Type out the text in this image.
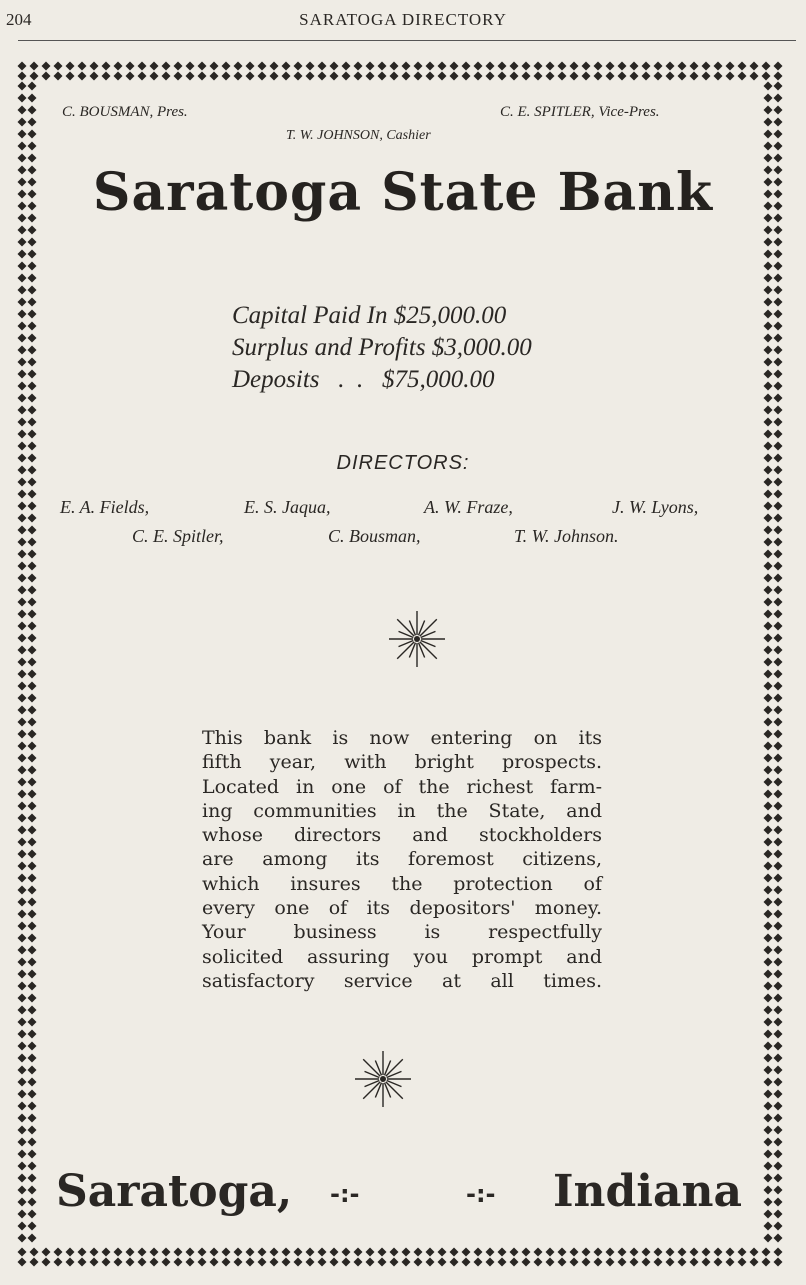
204	SARATOGA DIRECTORY
C. BOUSMAN, Pres.	C. E. SPITLER, Vice-Pres.
T. W. JOHNSON, Cashier
Saratoga State Bank
Capital Paid In $25,000.00
Surplus and Profits $3,000.00
Deposits   .  .   $75,000.00
DIRECTORS:
E. A. Fields,	E. S. Jaqua,	A. W. Fraze,	J. W. Lyons,
C. E. Spitler,	C. Bousman,	T. W. Johnson.
This bank is now entering on its
fifth year, with bright prospects.
Located in one of the richest farm-
ing communities in the State, and
whose directors and stockholders
are among its foremost citizens,
which insures the protection of
every one of its depositors' money.
Your business is respectfully
solicited assuring you prompt and
satisfactory service at all times.
Saratoga, -:-	-:- Indiana
